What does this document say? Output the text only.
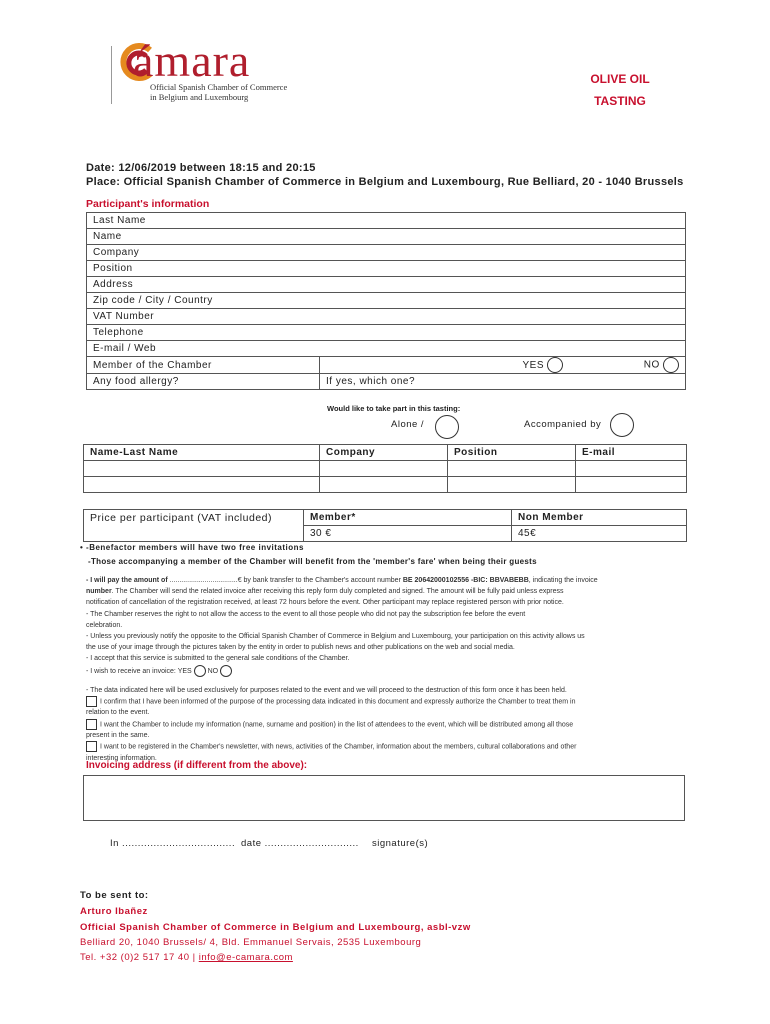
ámara
Official Spanish Chamber of Commerce
in Belgium and Luxembourg
OLIVE OIL
TASTING
Date: 12/06/2019 between 18:15 and 20:15
Place: Official Spanish Chamber of Commerce in Belgium and Luxembourg, Rue Belliard, 20 - 1040 Brussels
Participant's information
Last Name		
Name		
Company		
Position		
Address		
Zip code / City / Country		
VAT Number		
Telephone		
E-mail / Web		
Member of the Chamber	YES	NO
Any food allergy?	If yes, which one?	
Would like to take part in this tasting:
Alone /	Accompanied by
Name-Last Name	Company	Position	E-mail

Price per participant (VAT included)	Member*	Non Member
	30 €	45€
• -Benefactor members will have two free invitations
-Those accompanying a member of the Chamber will benefit from the 'member's fare' when being their guests
- I will pay the amount of ...................................€ by bank transfer to the Chamber's account number BE 20642000102556 -BIC: BBVABEBB, indicating the invoice
number. The Chamber will send the related invoice after receiving this reply form duly completed and signed. The amount will be fully paid unless express
notification of cancellation of the registration received, at least 72 hours before the event. Other participant may replace registered person with prior notice.
- The Chamber reserves the right to not allow the access to the event to all those people who did not pay the subscription fee before the event
celebration.
- Unless you previously notify the opposite to the Official Spanish Chamber of Commerce in Belgium and Luxembourg, your participation on this activity allows us
the use of your image through the pictures taken by the entity in order to publish news and other publications on the web and social media.
- I accept that this service is submitted to the general sale conditions of the Chamber.
- I wish to receive an invoice: YES NO
- The data indicated here will be used exclusively for purposes related to the event and we will proceed to the destruction of this form once it has been held.
I confirm that I have been informed of the purpose of the processing data indicated in this document and expressly authorize the Chamber to treat them in
relation to the event.
I want the Chamber to include my information (name, surname and position) in the list of attendees to the event, which will be distributed among all those
present in the same.
I want to be registered in the Chamber's newsletter, with news, activities of the Chamber, information about the members, cultural collaborations and other
interesting information.
Invoicing address (if different from the above):
In .................................... date .............................. signature(s)
To be sent to:
Arturo Ibañez
Official Spanish Chamber of Commerce in Belgium and Luxembourg, asbl-vzw
Belliard 20, 1040 Brussels/ 4, Bld. Emmanuel Servais, 2535 Luxembourg
Tel. +32 (0)2 517 17 40 | info@e-camara.com
